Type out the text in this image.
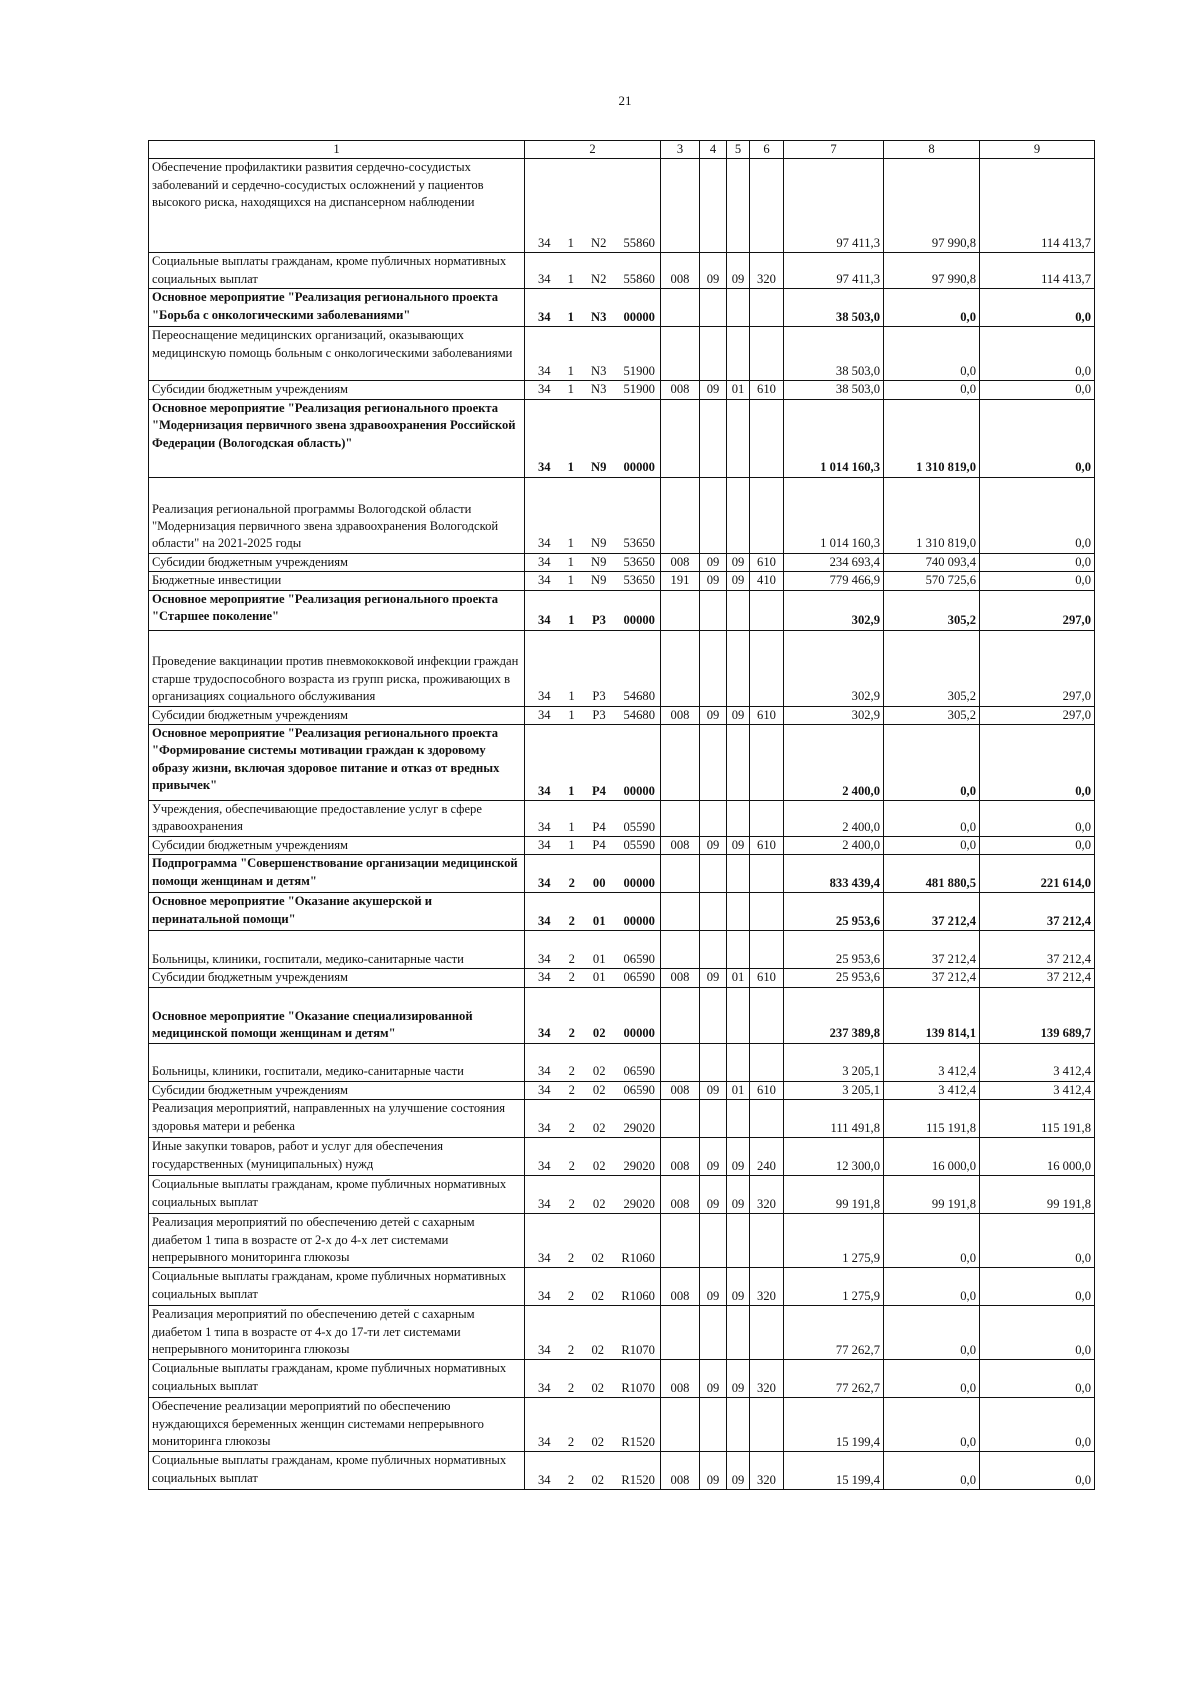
21
1	2	3	4	5	6	7	8	9
Обеспечение профилактики развития сердечно-сосудистых заболеваний и сердечно-сосудистых осложнений у пациентов высокого риска, находящихся на диспансерном наблюдении	34 1 N2 55860					97 411,3	97 990,8	114 413,7
Социальные выплаты гражданам, кроме публичных нормативных социальных выплат	34 1 N2 55860	008	09	09	320	97 411,3	97 990,8	114 413,7
Основное мероприятие "Реализация регионального проекта "Борьба с онкологическими заболеваниями"	34 1 N3 00000					38 503,0	0,0	0,0
Переоснащение медицинских организаций, оказывающих медицинскую помощь больным с онкологическими заболеваниями	34 1 N3 51900					38 503,0	0,0	0,0
Субсидии бюджетным учреждениям	34 1 N3 51900	008	09	01	610	38 503,0	0,0	0,0
Основное мероприятие "Реализация регионального проекта "Модернизация первичного звена здравоохранения Российской Федерации (Вологодская область)"	34 1 N9 00000					1 014 160,3	1 310 819,0	0,0
Реализация региональной программы Вологодской области "Модернизация первичного звена здравоохранения Вологодской области" на 2021-2025 годы	34 1 N9 53650					1 014 160,3	1 310 819,0	0,0
Субсидии бюджетным учреждениям	34 1 N9 53650	008	09	09	610	234 693,4	740 093,4	0,0
Бюджетные инвестиции	34 1 N9 53650	191	09	09	410	779 466,9	570 725,6	0,0
Основное мероприятие "Реализация регионального проекта "Старшее поколение"	34 1 P3 00000					302,9	305,2	297,0
Проведение вакцинации против пневмококковой инфекции граждан старше трудоспособного возраста из групп риска, проживающих в организациях социального обслуживания	34 1 P3 54680					302,9	305,2	297,0
Субсидии бюджетным учреждениям	34 1 P3 54680	008	09	09	610	302,9	305,2	297,0
Основное мероприятие "Реализация регионального проекта "Формирование системы мотивации граждан к здоровому образу жизни, включая здоровое питание и отказ от вредных привычек"	34 1 P4 00000					2 400,0	0,0	0,0
Учреждения, обеспечивающие предоставление услуг в сфере здравоохранения	34 1 P4 05590					2 400,0	0,0	0,0
Субсидии бюджетным учреждениям	34 1 P4 05590	008	09	09	610	2 400,0	0,0	0,0
Подпрограмма "Совершенствование организации медицинской помощи женщинам и детям"	34 2 00 00000					833 439,4	481 880,5	221 614,0
Основное мероприятие "Оказание акушерской и перинатальной помощи"	34 2 01 00000					25 953,6	37 212,4	37 212,4
Больницы, клиники, госпитали, медико-санитарные части	34 2 01 06590					25 953,6	37 212,4	37 212,4
Субсидии бюджетным учреждениям	34 2 01 06590	008	09	01	610	25 953,6	37 212,4	37 212,4
Основное мероприятие "Оказание специализированной медицинской помощи женщинам и детям"	34 2 02 00000					237 389,8	139 814,1	139 689,7
Больницы, клиники, госпитали, медико-санитарные части	34 2 02 06590					3 205,1	3 412,4	3 412,4
Субсидии бюджетным учреждениям	34 2 02 06590	008	09	01	610	3 205,1	3 412,4	3 412,4
Реализация мероприятий, направленных на улучшение состояния здоровья матери и ребенка	34 2 02 29020					111 491,8	115 191,8	115 191,8
Иные закупки товаров, работ и услуг для обеспечения государственных (муниципальных) нужд	34 2 02 29020	008	09	09	240	12 300,0	16 000,0	16 000,0
Социальные выплаты гражданам, кроме публичных нормативных социальных выплат	34 2 02 29020	008	09	09	320	99 191,8	99 191,8	99 191,8
Реализация мероприятий по обеспечению детей с сахарным диабетом 1 типа в возрасте от 2-х до 4-х лет системами непрерывного мониторинга глюкозы	34 2 02 R1060					1 275,9	0,0	0,0
Социальные выплаты гражданам, кроме публичных нормативных социальных выплат	34 2 02 R1060	008	09	09	320	1 275,9	0,0	0,0
Реализация мероприятий по обеспечению детей с сахарным диабетом 1 типа в возрасте от 4-х до 17-ти лет системами непрерывного мониторинга глюкозы	34 2 02 R1070					77 262,7	0,0	0,0
Социальные выплаты гражданам, кроме публичных нормативных социальных выплат	34 2 02 R1070	008	09	09	320	77 262,7	0,0	0,0
Обеспечение реализации мероприятий по обеспечению нуждающихся беременных женщин системами непрерывного мониторинга глюкозы	34 2 02 R1520					15 199,4	0,0	0,0
Социальные выплаты гражданам, кроме публичных нормативных социальных выплат	34 2 02 R1520	008	09	09	320	15 199,4	0,0	0,0
